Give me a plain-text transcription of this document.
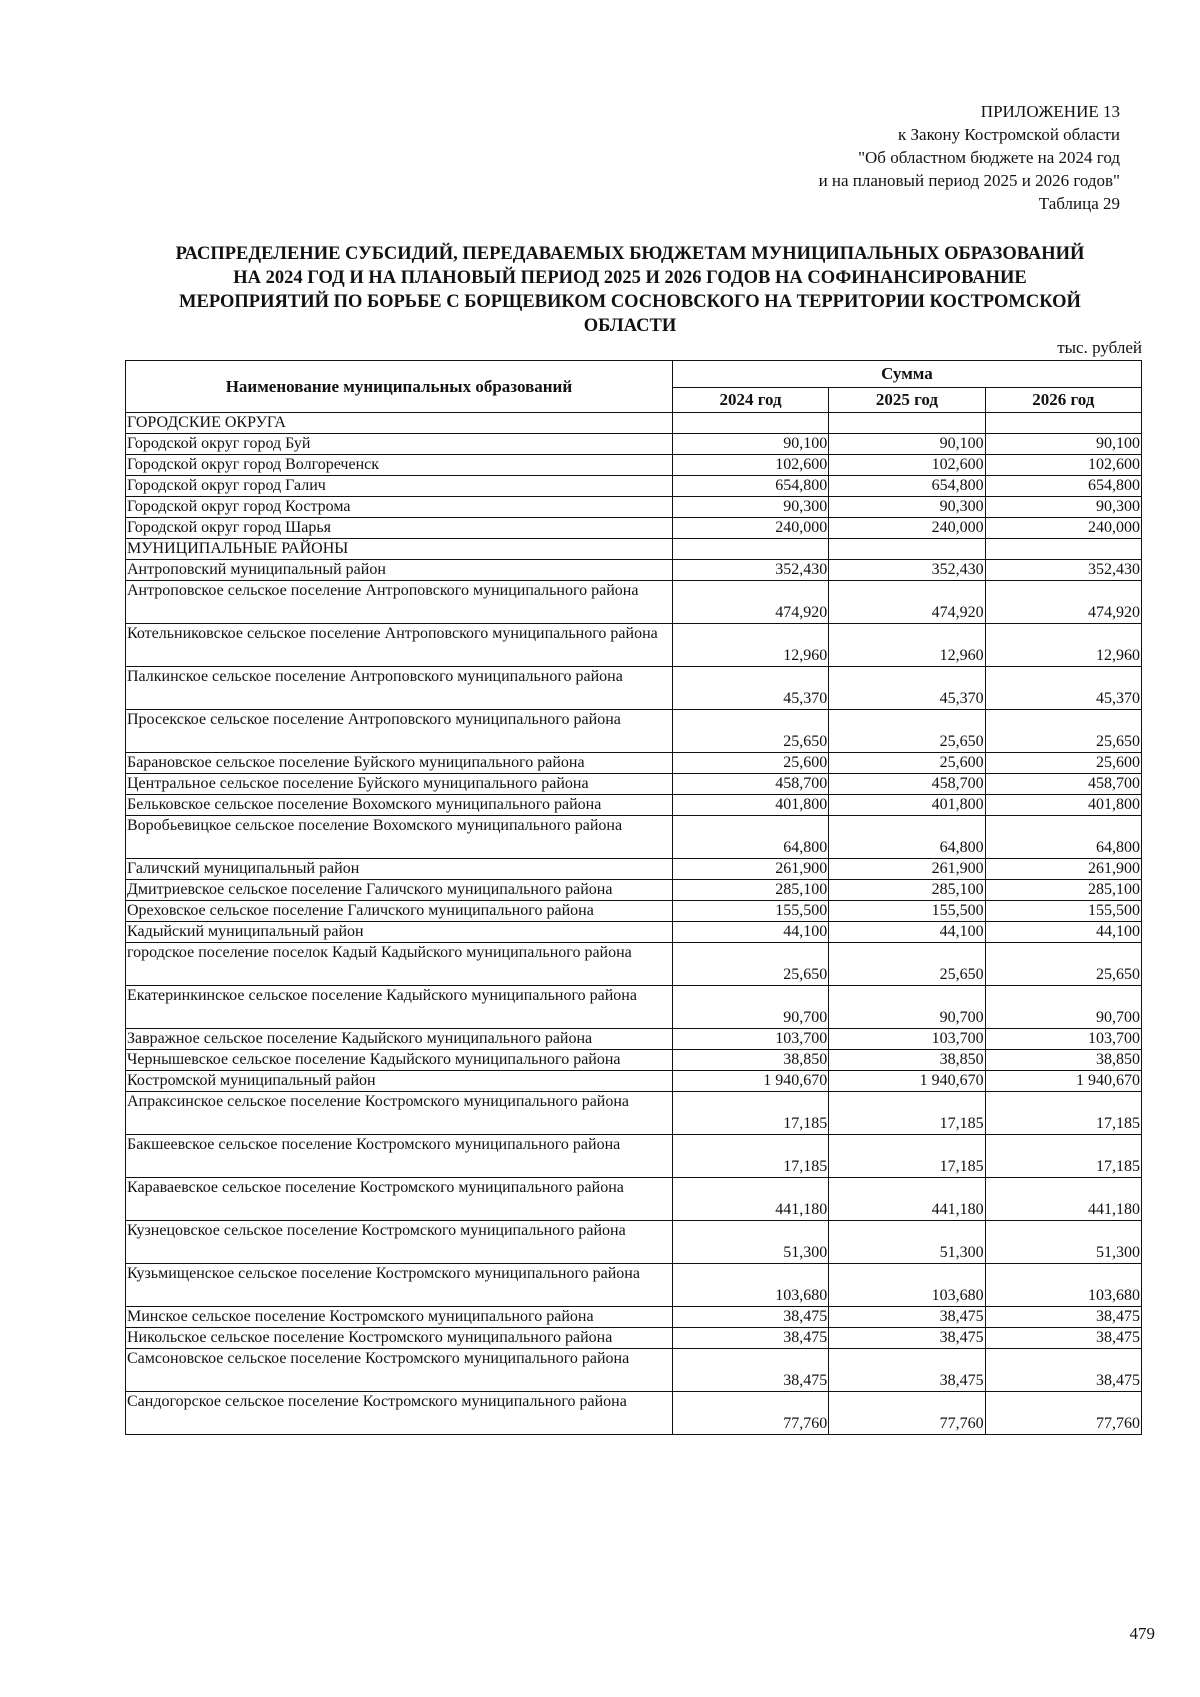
ПРИЛОЖЕНИЕ 13
к Закону Костромской области
"Об областном бюджете на 2024 год
и на плановый период 2025 и 2026 годов"
Таблица 29
РАСПРЕДЕЛЕНИЕ СУБСИДИЙ, ПЕРЕДАВАЕМЫХ БЮДЖЕТАМ МУНИЦИПАЛЬНЫХ ОБРАЗОВАНИЙ
НА 2024 ГОД И НА ПЛАНОВЫЙ ПЕРИОД 2025 И 2026 ГОДОВ НА СОФИНАНСИРОВАНИЕ
МЕРОПРИЯТИЙ ПО БОРЬБЕ С БОРЩЕВИКОМ СОСНОВСКОГО НА ТЕРРИТОРИИ КОСТРОМСКОЙ
ОБЛАСТИ
тыс. рублей
Наименование муниципальных образований	Сумма		
	2024 год	2025 год	2026 год
ГОРОДСКИЕ ОКРУГА			
Городской округ город Буй	90,100	90,100	90,100
Городской округ город Волгореченск	102,600	102,600	102,600
Городской округ город Галич	654,800	654,800	654,800
Городской округ город Кострома	90,300	90,300	90,300
Городской округ город Шарья	240,000	240,000	240,000
МУНИЦИПАЛЬНЫЕ РАЙОНЫ			
Антроповский муниципальный район	352,430	352,430	352,430
Антроповское сельское поселение Антроповского муниципального района	474,920	474,920	474,920
Котельниковское сельское поселение Антроповского муниципального района	12,960	12,960	12,960
Палкинское сельское поселение Антроповского муниципального района	45,370	45,370	45,370
Просекское сельское поселение Антроповского муниципального района	25,650	25,650	25,650
Барановское сельское поселение Буйского муниципального района	25,600	25,600	25,600
Центральное сельское поселение Буйского муниципального района	458,700	458,700	458,700
Бельковское сельское поселение Вохомского муниципального района	401,800	401,800	401,800
Воробьевицкое сельское поселение Вохомского муниципального района	64,800	64,800	64,800
Галичский муниципальный район	261,900	261,900	261,900
Дмитриевское сельское поселение Галичского муниципального района	285,100	285,100	285,100
Ореховское сельское поселение Галичского муниципального района	155,500	155,500	155,500
Кадыйский муниципальный район	44,100	44,100	44,100
городское поселение поселок Кадый Кадыйского муниципального района	25,650	25,650	25,650
Екатеринкинское сельское поселение Кадыйского муниципального района	90,700	90,700	90,700
Завражное сельское поселение Кадыйского муниципального района	103,700	103,700	103,700
Чернышевское сельское поселение Кадыйского муниципального района	38,850	38,850	38,850
Костромской муниципальный район	1 940,670	1 940,670	1 940,670
Апраксинское сельское поселение Костромского муниципального района	17,185	17,185	17,185
Бакшеевское сельское поселение Костромского муниципального района	17,185	17,185	17,185
Караваевское сельское поселение Костромского муниципального района	441,180	441,180	441,180
Кузнецовское сельское поселение Костромского муниципального района	51,300	51,300	51,300
Кузьмищенское сельское поселение Костромского муниципального района	103,680	103,680	103,680
Минское сельское поселение Костромского муниципального района	38,475	38,475	38,475
Никольское сельское поселение Костромского муниципального района	38,475	38,475	38,475
Самсоновское сельское поселение Костромского муниципального района	38,475	38,475	38,475
Сандогорское сельское поселение Костромского муниципального района	77,760	77,760	77,760
479
